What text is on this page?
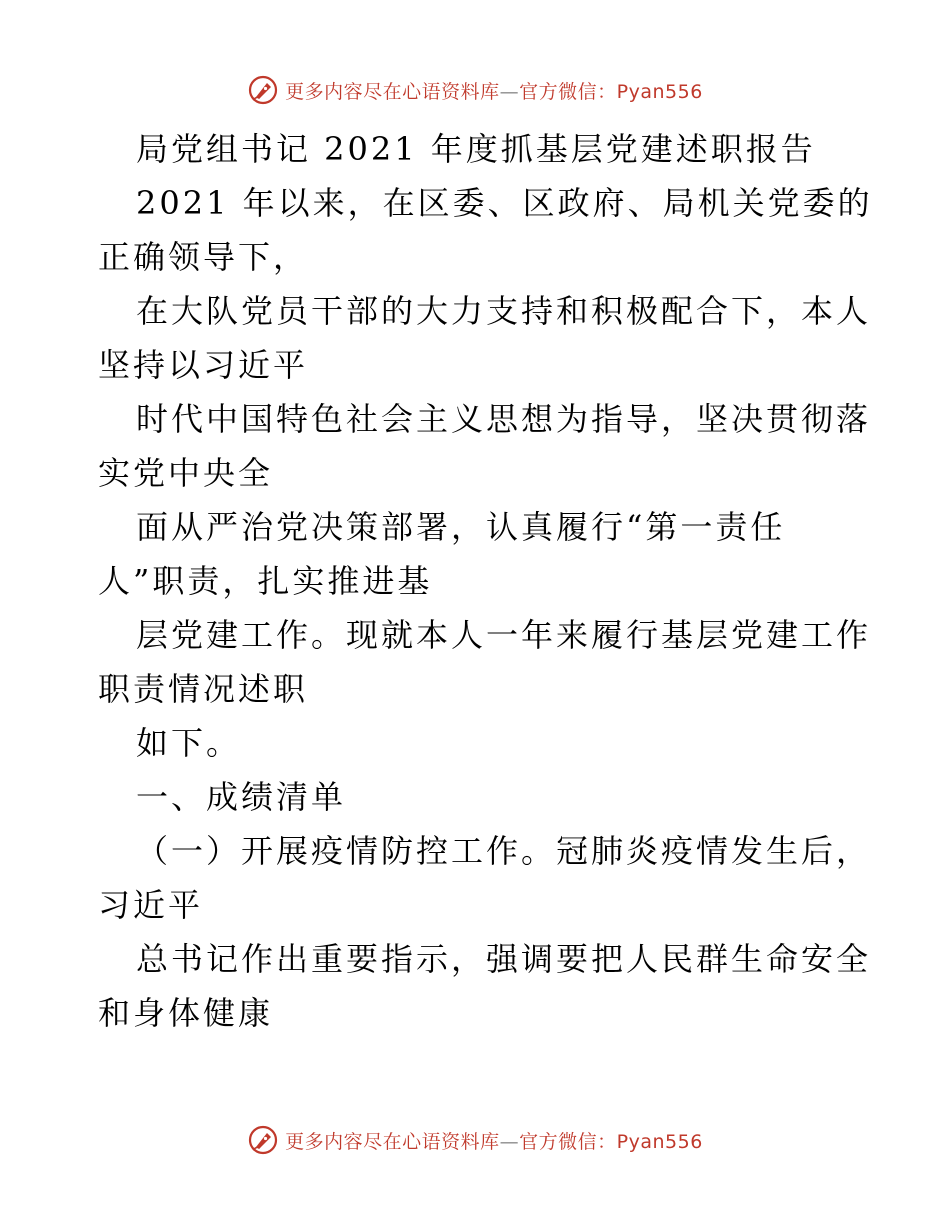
更多内容尽在心语资料库—官方微信：Pyan556
局党组书记 2021 年度抓基层党建述职报告
2021 年以来，在区委、区政府、局机关党委的
正确领导下，
在大队党员干部的大力支持和积极配合下，本人
坚持以习近平
时代中国特色社会主义思想为指导，坚决贯彻落
实党中央全
面从严治党决策部署，认真履行“第一责任
人”职责，扎实推进基
层党建工作。现就本人一年来履行基层党建工作
职责情况述职
如下。
一、成绩清单
（一）开展疫情防控工作。冠肺炎疫情发生后，
习近平
总书记作出重要指示，强调要把人民群生命安全
和身体健康
更多内容尽在心语资料库—官方微信：Pyan556
